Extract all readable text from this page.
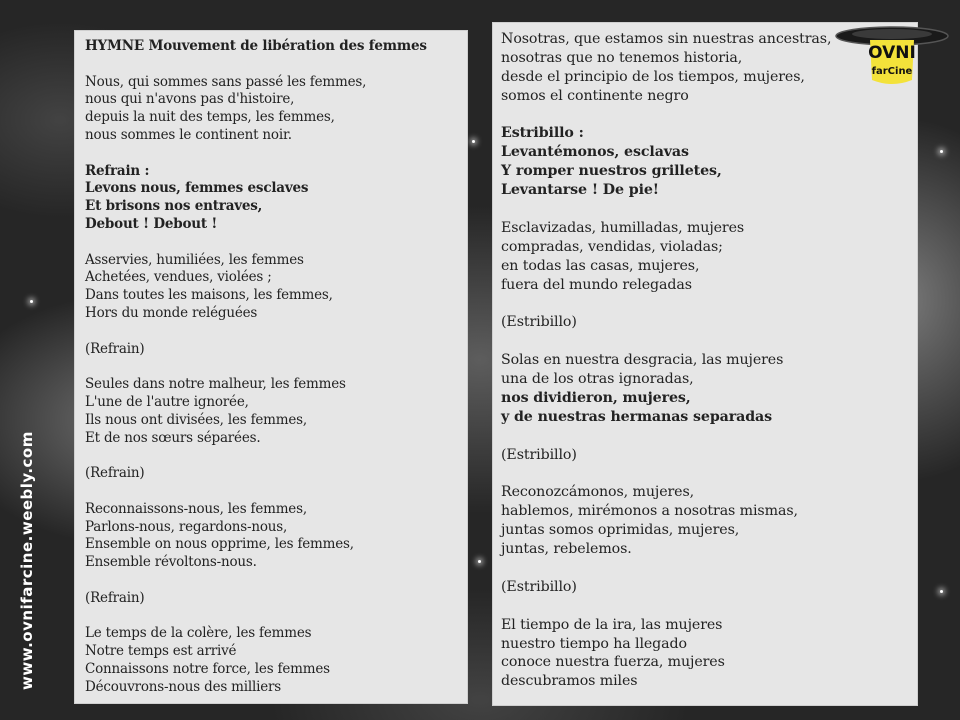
HYMNE Mouvement de libération des femmes
Nous, qui sommes sans passé les femmes,
nous qui n'avons pas d'histoire,
depuis la nuit des temps, les femmes,
nous sommes le continent noir.
Refrain :
Levons nous, femmes esclaves
Et brisons nos entraves,
Debout ! Debout !
Asservies, humiliées, les femmes
Achetées, vendues, violées ;
Dans toutes les maisons, les femmes,
Hors du monde reléguées
(Refrain)
Seules dans notre malheur, les femmes
L'une de l'autre ignorée,
Ils nous ont divisées, les femmes,
Et de nos sœurs séparées.
(Refrain)
Reconnaissons-nous, les femmes,
Parlons-nous, regardons-nous,
Ensemble on nous opprime, les femmes,
Ensemble révoltons-nous.
(Refrain)
Le temps de la colère, les femmes
Notre temps est arrivé
Connaissons notre force, les femmes
Découvrons-nous des milliers
Nosotras, que estamos sin nuestras ancestras,
nosotras que no tenemos historia,
desde el principio de los tiempos, mujeres,
somos el continente negro
Estribillo :
Levantémonos, esclavas
Y romper nuestros grilletes,
Levantarse ! De pie!
Esclavizadas, humilladas, mujeres
compradas, vendidas, violadas;
en todas las casas, mujeres,
fuera del mundo relegadas
(Estribillo)
Solas en nuestra desgracia, las mujeres
una de los otras ignoradas,
nos dividieron, mujeres,
y de nuestras hermanas separadas
(Estribillo)
Reconozcámonos, mujeres,
hablemos, mirémonos a nosotras mismas,
juntas somos oprimidas, mujeres,
juntas, rebelemos.
(Estribillo)
El tiempo de la ira, las mujeres
nuestro tiempo ha llegado
conoce nuestra fuerza, mujeres
descubramos miles
www.ovnifarcine.weebly.com
OVNI
farCine
